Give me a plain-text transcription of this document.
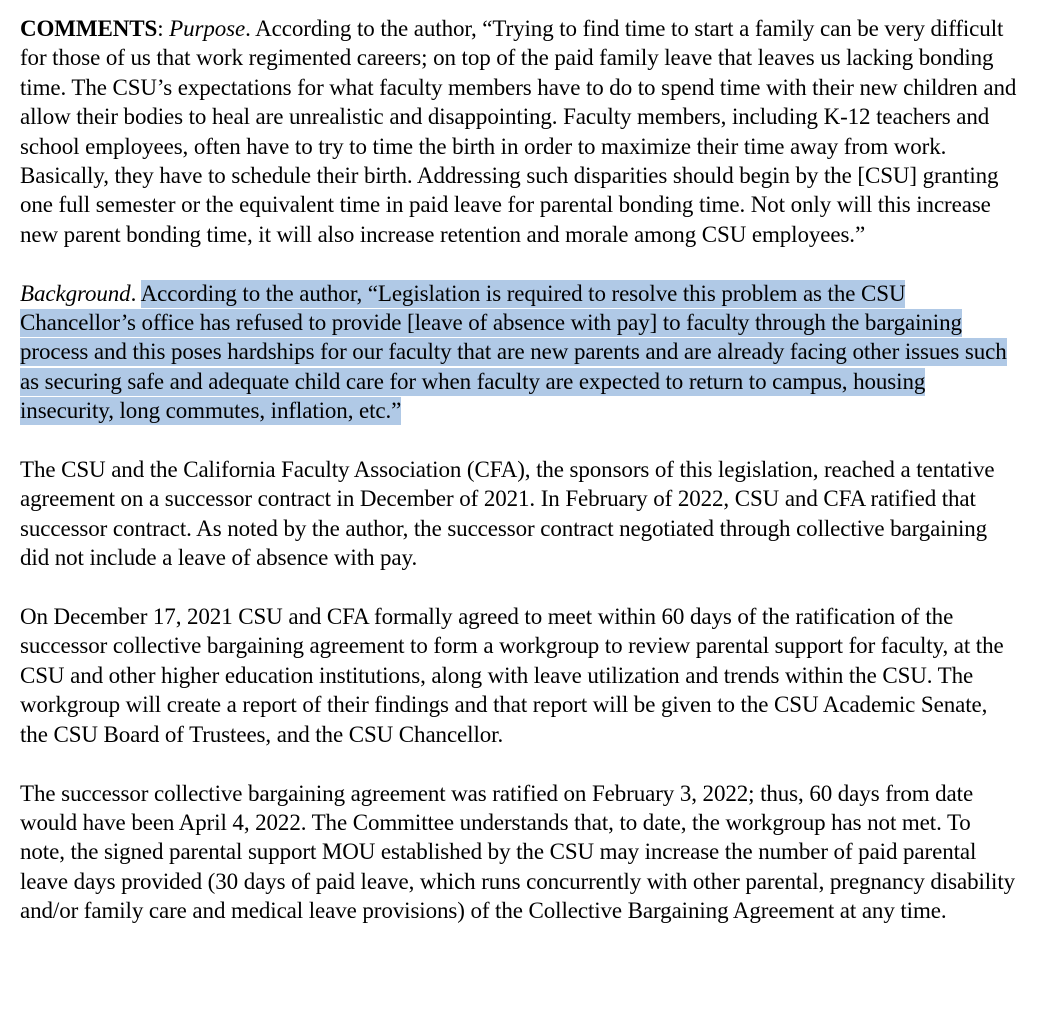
COMMENTS: Purpose. According to the author, “Trying to find time to start a family can be very difficult for those of us that work regimented careers; on top of the paid family leave that leaves us lacking bonding time. The CSU’s expectations for what faculty members have to do to spend time with their new children and allow their bodies to heal are unrealistic and disappointing. Faculty members, including K-12 teachers and school employees, often have to try to time the birth in order to maximize their time away from work. Basically, they have to schedule their birth. Addressing such disparities should begin by the [CSU] granting one full semester or the equivalent time in paid leave for parental bonding time. Not only will this increase new parent bonding time, it will also increase retention and morale among CSU employees.”

Background. According to the author, “Legislation is required to resolve this problem as the CSU Chancellor’s office has refused to provide [leave of absence with pay] to faculty through the bargaining process and this poses hardships for our faculty that are new parents and are already facing other issues such as securing safe and adequate child care for when faculty are expected to return to campus, housing insecurity, long commutes, inflation, etc.”

The CSU and the California Faculty Association (CFA), the sponsors of this legislation, reached a tentative agreement on a successor contract in December of 2021. In February of 2022, CSU and CFA ratified that successor contract. As noted by the author, the successor contract negotiated through collective bargaining did not include a leave of absence with pay.

On December 17, 2021 CSU and CFA formally agreed to meet within 60 days of the ratification of the successor collective bargaining agreement to form a workgroup to review parental support for faculty, at the CSU and other higher education institutions, along with leave utilization and trends within the CSU. The workgroup will create a report of their findings and that report will be given to the CSU Academic Senate, the CSU Board of Trustees, and the CSU Chancellor.

The successor collective bargaining agreement was ratified on February 3, 2022; thus, 60 days from date would have been April 4, 2022. The Committee understands that, to date, the workgroup has not met. To note, the signed parental support MOU established by the CSU may increase the number of paid parental leave days provided (30 days of paid leave, which runs concurrently with other parental, pregnancy disability and/or family care and medical leave provisions) of the Collective Bargaining Agreement at any time.
